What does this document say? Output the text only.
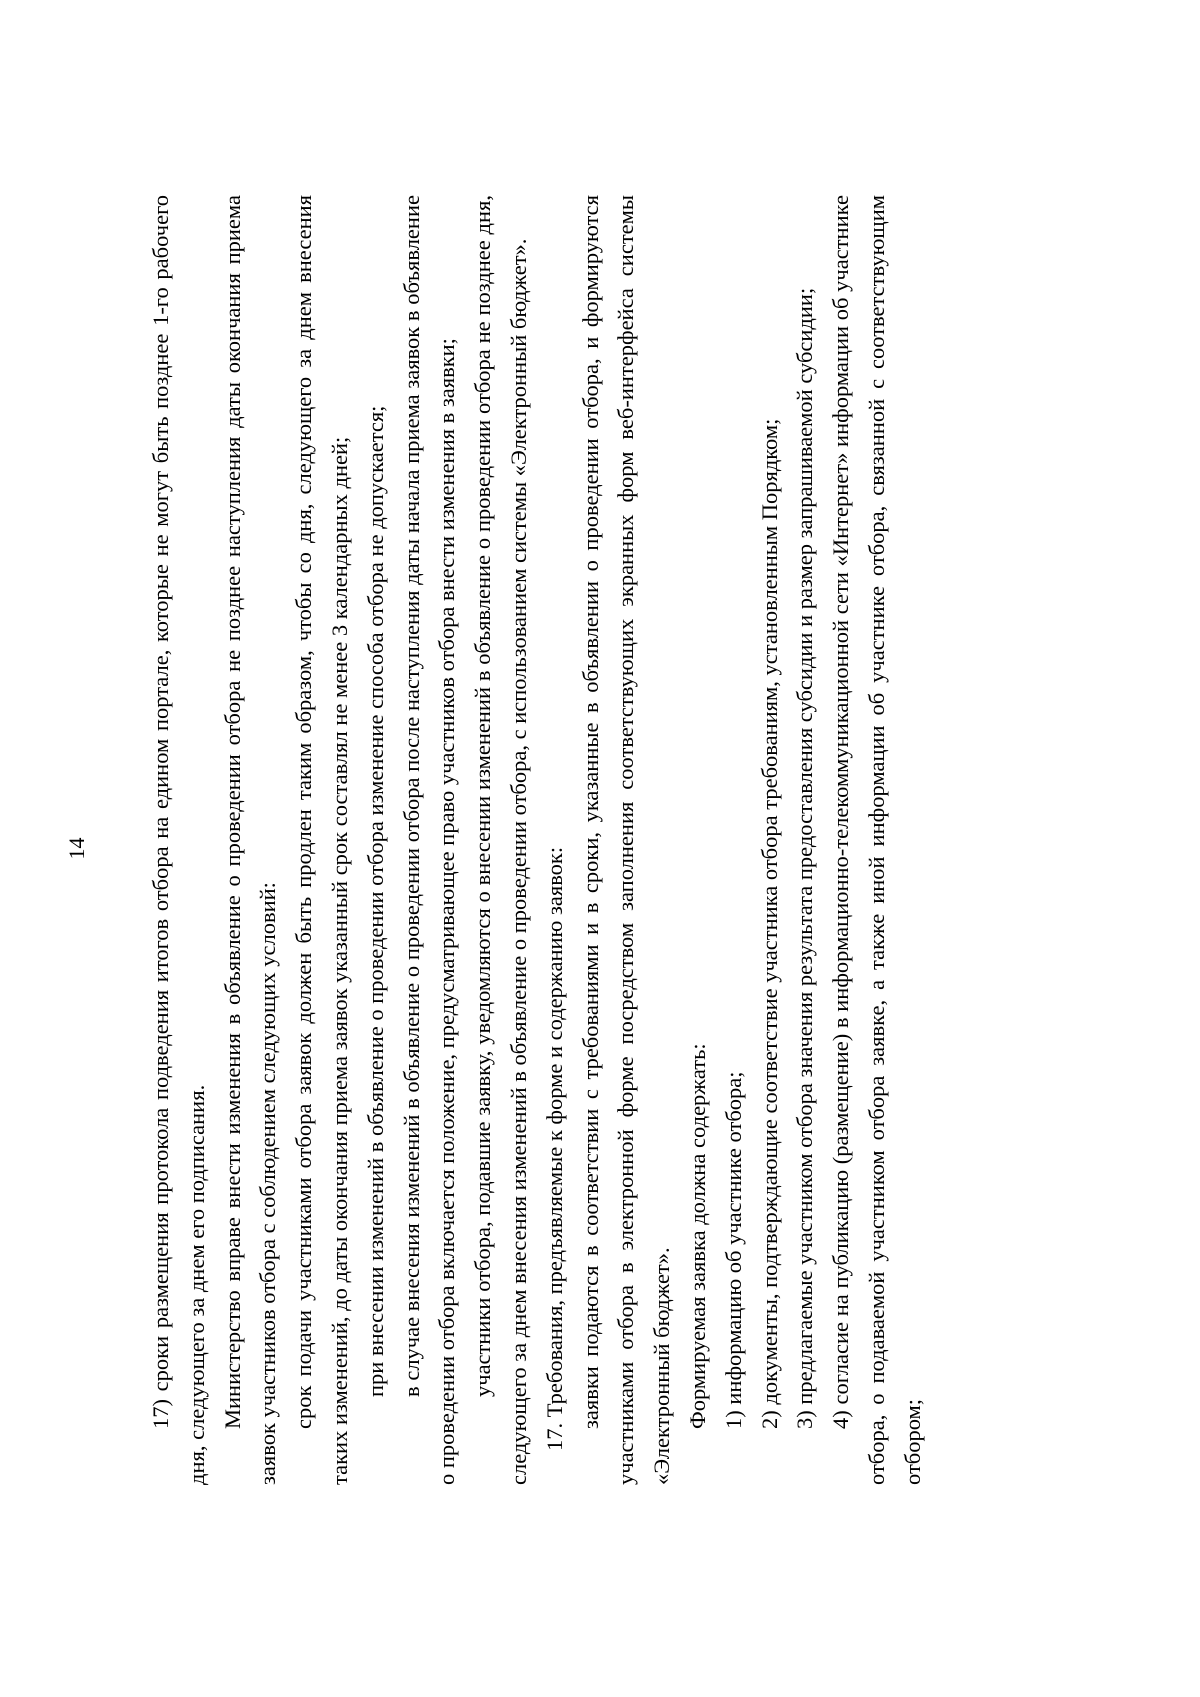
14	17) сроки размещения протокола подведения итогов отбора на едином портале, которые не могут быть позднее 1-го рабочего дня, следующего за днем его подписания. Министерство вправе внести изменения в объявление о проведении отбора не позднее наступления даты окончания приема заявок участников отбора с соблюдением следующих условий: срок подачи участниками отбора заявок должен быть продлен таким образом, чтобы со дня, следующего за днем внесения таких изменений, до даты окончания приема заявок указанный срок составлял не менее 3 календарных дней; при внесении изменений в объявление о проведении отбора изменение способа отбора не допускается; в случае внесения изменений в объявление о проведении отбора после наступления даты начала приема заявок в объявление о проведении отбора включается положение, предусматривающее право участников отбора внести изменения в заявки; участники отбора, подавшие заявку, уведомляются о внесении изменений в объявление о проведении отбора не позднее дня, следующего за днем внесения изменений в объявление о проведении отбора, с использованием системы «Электронный бюджет». 17. Требования, предъявляемые к форме и содержанию заявок: заявки подаются в соответствии с требованиями и в сроки, указанные в объявлении о проведении отбора, и формируются участниками отбора в электронной форме посредством заполнения соответствующих экранных форм веб-интерфейса системы «Электронный бюджет». Формируемая заявка должна содержать: 1) информацию об участнике отбора; 2) документы, подтверждающие соответствие участника отбора требованиям, установленным Порядком; 3) предлагаемые участником отбора значения результата предоставления субсидии и размер запрашиваемой субсидии; 4) согласие на публикацию (размещение) в информационно-телекоммуникационной сети «Интернет» информации об участнике отбора, о подаваемой участником отбора заявке, а также иной информации об участнике отбора, связанной с соответствующим отбором;
